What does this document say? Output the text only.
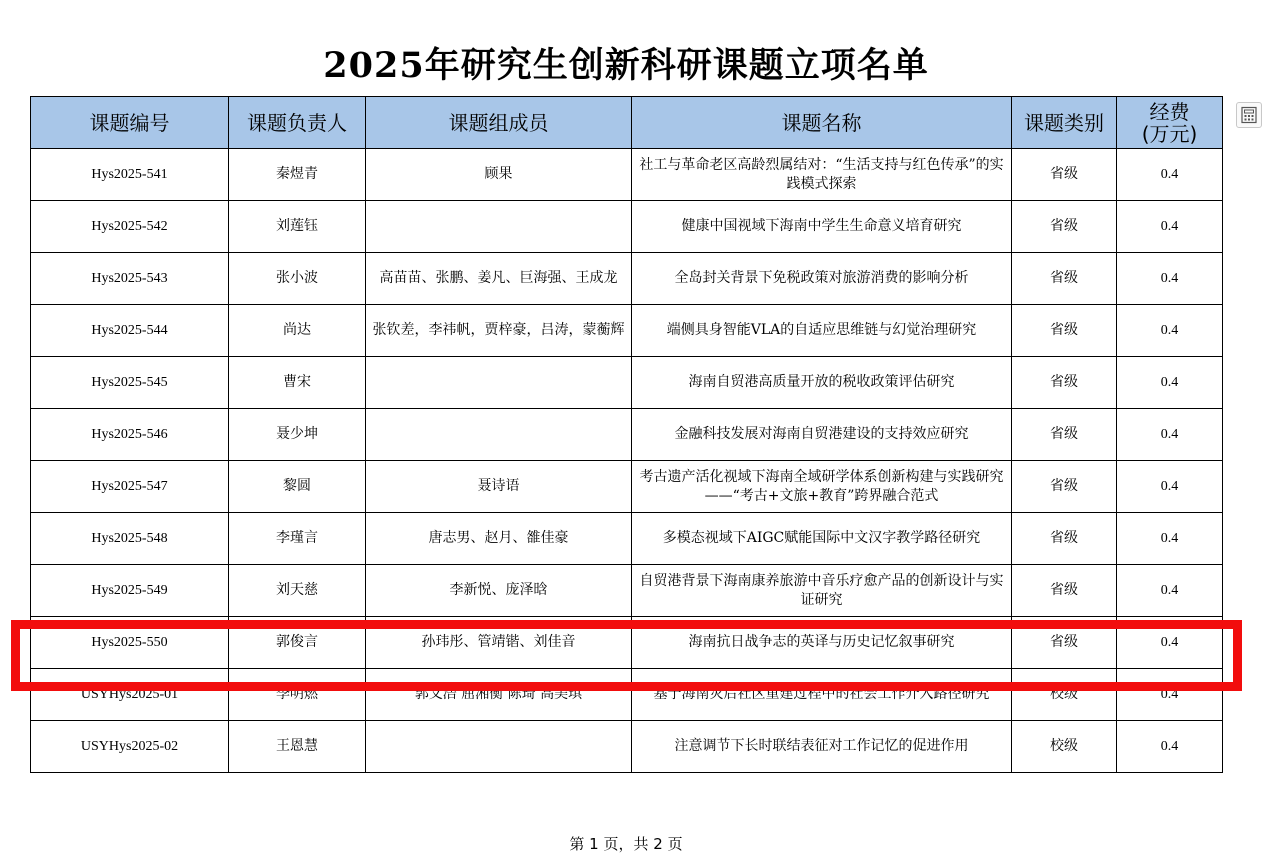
2025年研究生创新科研课题立项名单
课题编号	课题负责人	课题组成员	课题名称	课题类别	经费
(万元)
Hys2025-541	秦煜青	顾果	社工与革命老区高龄烈属结对：“生活支持与红色传承”的实践模式探索	省级	0.4
Hys2025-542	刘莲钰		健康中国视域下海南中学生生命意义培育研究	省级	0.4
Hys2025-543	张小波	高苗苗、张鹏、姜凡、巨海强、王成龙	全岛封关背景下免税政策对旅游消费的影响分析	省级	0.4
Hys2025-544	尚达	张钦差，李祎帆，贾梓豪，吕涛，蒙蘅辉	端侧具身智能VLA的自适应思维链与幻觉治理研究	省级	0.4
Hys2025-545	曹宋		海南自贸港高质量开放的税收政策评估研究	省级	0.4
Hys2025-546	聂少坤		金融科技发展对海南自贸港建设的支持效应研究	省级	0.4
Hys2025-547	黎圆	聂诗语	考古遗产活化视域下海南全域研学体系创新构建与实践研究——“考古+文旅+教育”跨界融合范式	省级	0.4
Hys2025-548	李瑾言	唐志男、赵月、雒佳豪	多模态视域下AIGC赋能国际中文汉字教学路径研究	省级	0.4
Hys2025-549	刘天慈	李新悦、庞泽晗	自贸港背景下海南康养旅游中音乐疗愈产品的创新设计与实证研究	省级	0.4
Hys2025-550	郭俊言	孙玮彤、管靖锴、刘佳音	海南抗日战争志的英译与历史记忆叙事研究	省级	0.4
USYHys2025-01	李明燃	郭文浩 屈湘衡 陈琦 高美琪	基于海南灾后社区重建过程中的社会工作介入路径研究	校级	0.4
USYHys2025-02	王恩慧		注意调节下长时联结表征对工作记忆的促进作用	校级	0.4
第 1 页，共 2 页
